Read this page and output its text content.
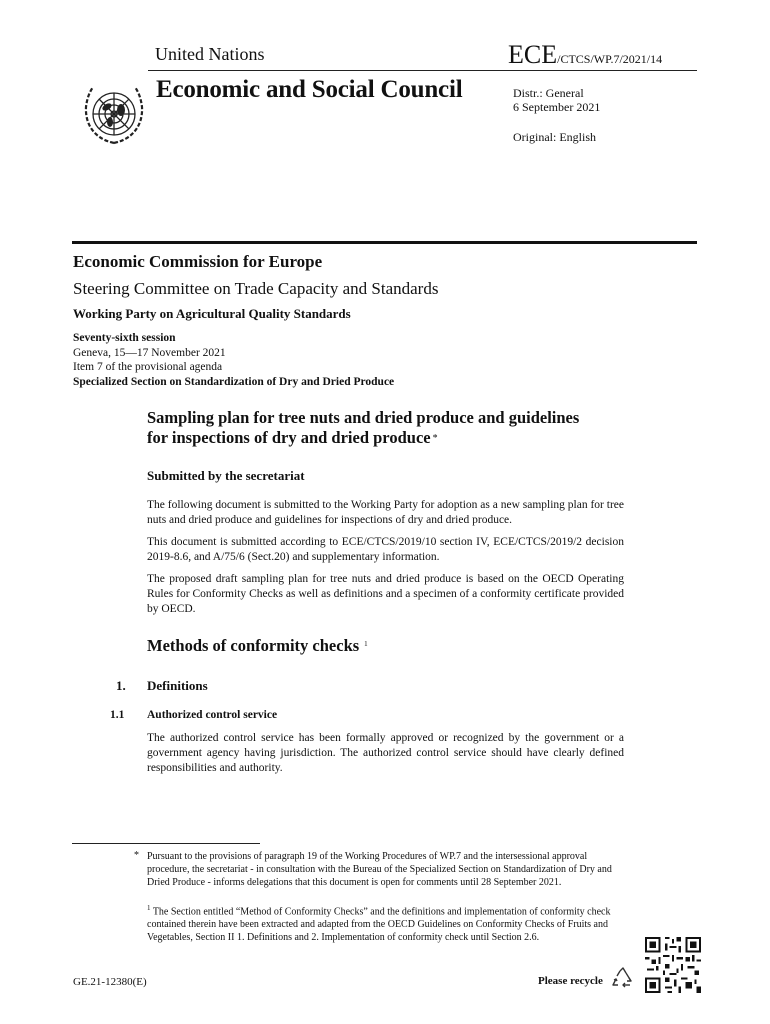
United Nations	ECE/CTCS/WP.7/2021/14
Economic and Social Council	Distr.: General
6 September 2021
Original: English
Economic Commission for Europe
Steering Committee on Trade Capacity and Standards
Working Party on Agricultural Quality Standards
Seventy-sixth session
Geneva, 15—17 November 2021
Item 7 of the provisional agenda
Specialized Section on Standardization of Dry and Dried Produce
Sampling plan for tree nuts and dried produce and guidelines
for inspections of dry and dried produce *
Submitted by the secretariat
The following document is submitted to the Working Party for adoption as a new sampling plan for tree nuts and dried produce and guidelines for inspections of dry and dried produce.
This document is submitted according to ECE/CTCS/2019/10 section IV, ECE/CTCS/2019/2 decision 2019-8.6, and A/75/6 (Sect.20) and supplementary information.
The proposed draft sampling plan for tree nuts and dried produce is based on the OECD Operating Rules for Conformity Checks as well as definitions and a specimen of a conformity certificate provided by OECD.
Methods of conformity checks $^1$
1. Definitions
1.1 Authorized control service
The authorized control service has been formally approved or recognized by the government or a government agency having jurisdiction. The authorized control service should have clearly defined responsibilities and authority.
* Pursuant to the provisions of paragraph 19 of the Working Procedures of WP.7 and the intersessional approval procedure, the secretariat - in consultation with the Bureau of the Specialized Section on Standardization of Dry and Dried Produce - informs delegations that this document is open for comments until 28 September 2021.
$^1$ The Section entitled “Method of Conformity Checks” and the definitions and implementation of conformity check contained therein have been extracted and adapted from the OECD Guidelines on Conformity Checks of Fruits and Vegetables, Section II 1. Definitions and 2. Implementation of conformity check until Section 2.6.
GE.21-12380(E)	Please recycle
